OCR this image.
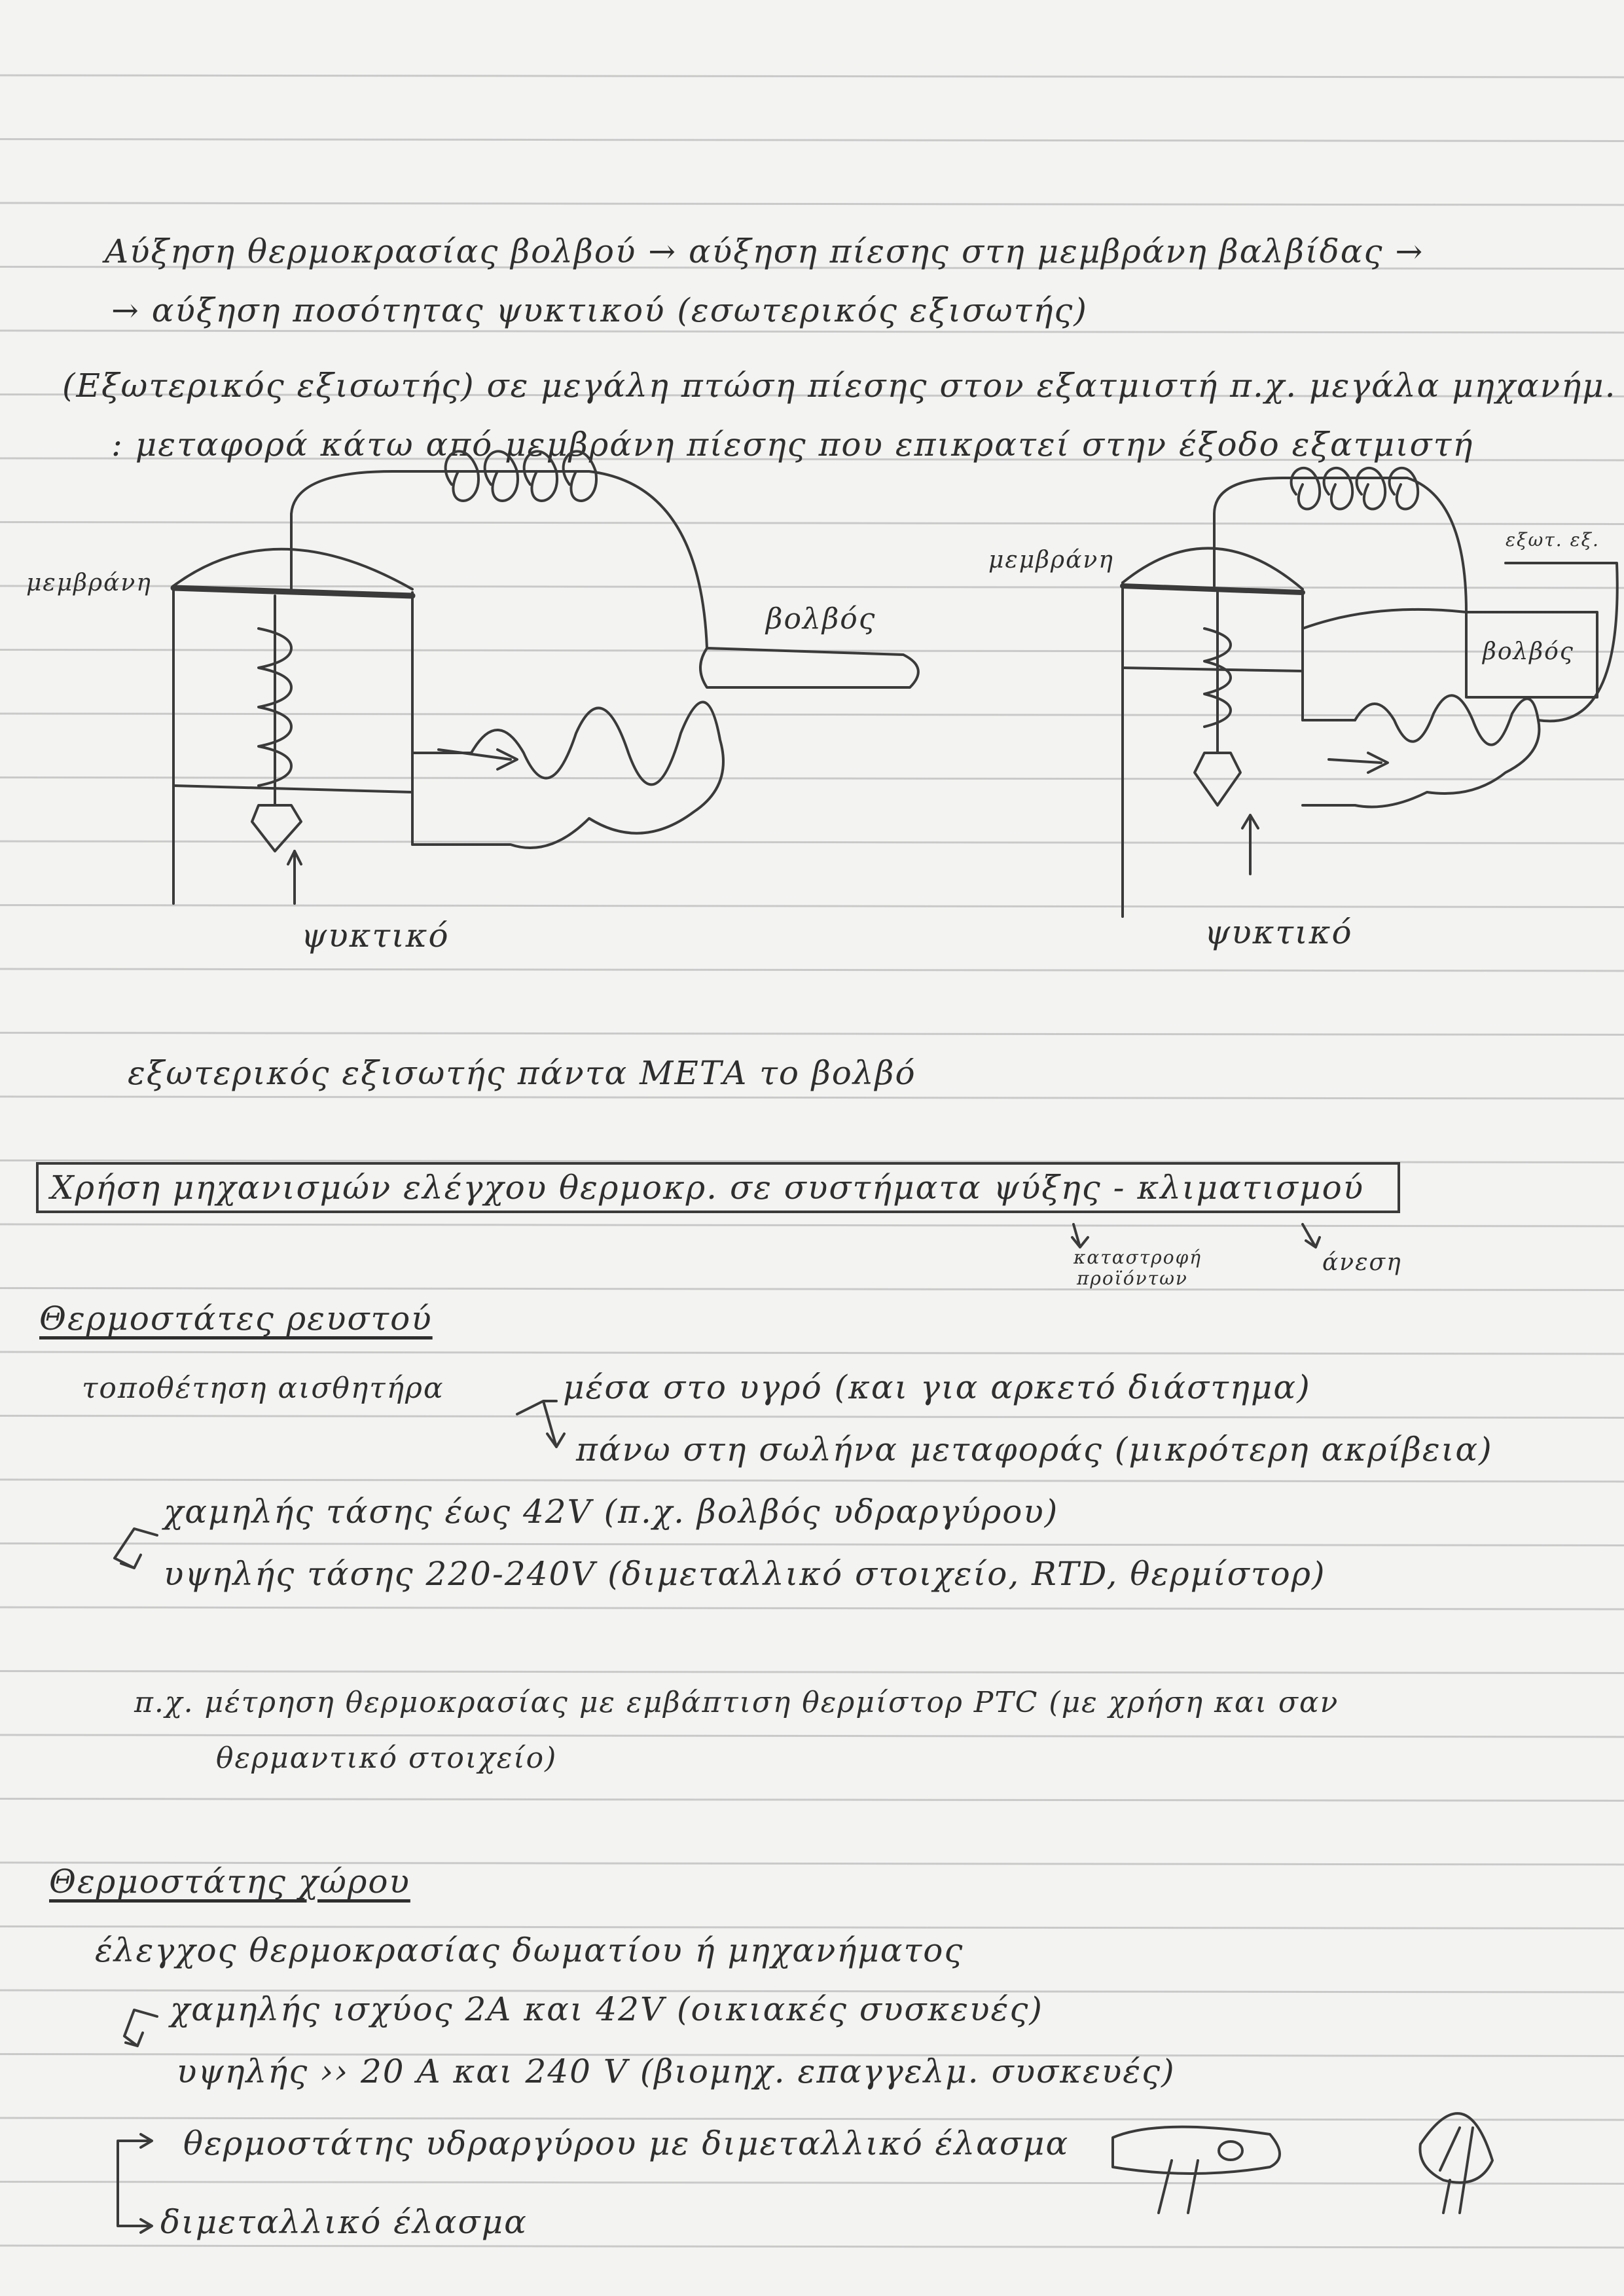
Αύξηση θερμοκρασίας βολβού → αύξηση πίεσης στη μεμβράνη βαλβίδας →
→ αύξηση ποσότητας ψυκτικού (εσωτερικός εξισωτής)
(Εξωτερικός εξισωτής) σε μεγάλη πτώση πίεσης στον εξατμιστή π.χ. μεγάλα μηχανήμ.
: μεταφορά κάτω από μεμβράνη πίεσης που επικρατεί στην έξοδο εξατμιστή
μεμβράνη
βολβός
ψυκτικό
μεμβράνη
εξωτ. εξ.
βολβός
ψυκτικό
εξωτερικός εξισωτής πάντα ΜΕΤΑ το βολβό
Χρήση μηχανισμών ελέγχου θερμοκρ. σε συστήματα ψύξης - κλιματισμού
καταστροφή προϊόντων
άνεση
Θερμοστάτες ρευστού
τοποθέτηση αισθητήρα	μέσα στο υγρό (και για αρκετό διάστημα)
πάνω στη σωλήνα μεταφοράς (μικρότερη ακρίβεια)
χαμηλής τάσης έως 42V (π.χ. βολβός υδραργύρου)
υψηλής τάσης 220-240V (διμεταλλικό στοιχείο, RTD, θερμίστορ)
π.χ. μέτρηση θερμοκρασίας με εμβάπτιση θερμίστορ PTC (με χρήση και σαν
θερμαντικό στοιχείο)
Θερμοστάτης χώρου
έλεγχος θερμοκρασίας δωματίου ή μηχανήματος
χαμηλής ισχύος 2Α και 42V (οικιακές συσκευές)
υψηλής ›› 20 Α και 240 V (βιομηχ. επαγγελμ. συσκευές)
θερμοστάτης υδραργύρου με διμεταλλικό έλασμα
διμεταλλικό έλασμα
